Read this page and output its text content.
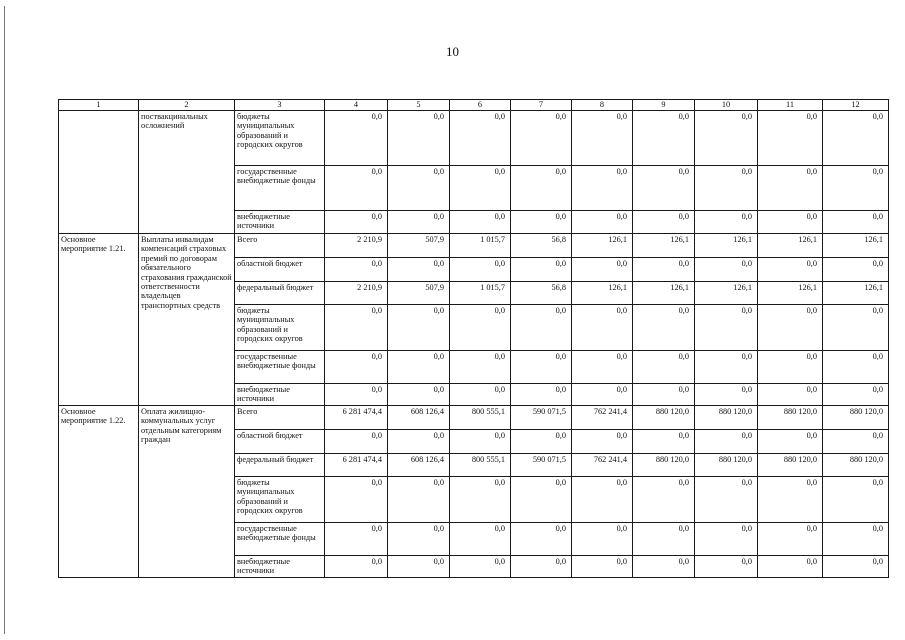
10
1	2	3	4	5	6	7	8	9	10	11	12
	поствакцинальных осложнений	бюджеты муниципальных образований и городских округов	0,0	0,0	0,0	0,0	0,0	0,0	0,0	0,0	0,0
		государственные внебюджетные фонды	0,0	0,0	0,0	0,0	0,0	0,0	0,0	0,0	0,0
		внебюджетные источники	0,0	0,0	0,0	0,0	0,0	0,0	0,0	0,0	0,0
Основное мероприятие 1.21.	Выплаты инвалидам компенсаций страховых премий по договорам обязательного страхования гражданской ответственности владельцев транспортных средств	Всего	2 210,9	507,9	1 015,7	56,8	126,1	126,1	126,1	126,1	126,1
		областной бюджет	0,0	0,0	0,0	0,0	0,0	0,0	0,0	0,0	0,0
		федеральный бюджет	2 210,9	507,9	1 015,7	56,8	126,1	126,1	126,1	126,1	126,1
		бюджеты муниципальных образований и городских округов	0,0	0,0	0,0	0,0	0,0	0,0	0,0	0,0	0,0
		государственные внебюджетные фонды	0,0	0,0	0,0	0,0	0,0	0,0	0,0	0,0	0,0
		внебюджетные источники	0,0	0,0	0,0	0,0	0,0	0,0	0,0	0,0	0,0
Основное мероприятие 1.22.	Оплата жилищно-коммунальных услуг отдельным категориям граждан	Всего	6 281 474,4	608 126,4	800 555,1	590 071,5	762 241,4	880 120,0	880 120,0	880 120,0	880 120,0
		областной бюджет	0,0	0,0	0,0	0,0	0,0	0,0	0,0	0,0	0,0
		федеральный бюджет	6 281 474,4	608 126,4	800 555,1	590 071,5	762 241,4	880 120,0	880 120,0	880 120,0	880 120,0
		бюджеты муниципальных образований и городских округов	0,0	0,0	0,0	0,0	0,0	0,0	0,0	0,0	0,0
		государственные внебюджетные фонды	0,0	0,0	0,0	0,0	0,0	0,0	0,0	0,0	0,0
		внебюджетные источники	0,0	0,0	0,0	0,0	0,0	0,0	0,0	0,0	0,0
